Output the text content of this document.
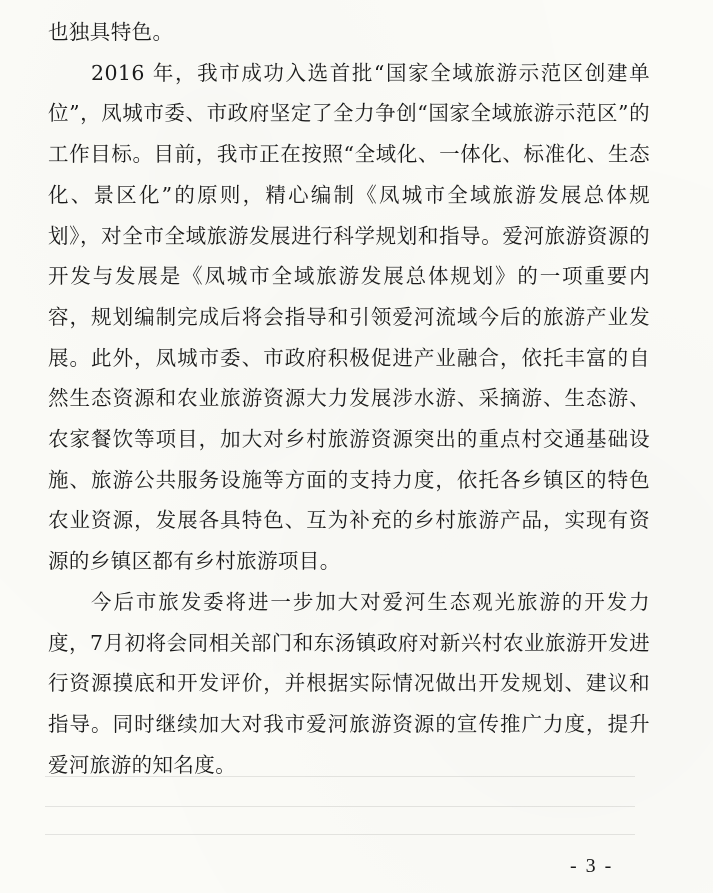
也独具特色。

2016 年，我市成功入选首批“国家全域旅游示范区创建单位”，凤城市委、市政府坚定了全力争创“国家全域旅游示范区”的工作目标。目前，我市正在按照“全域化、一体化、标准化、生态化、景区化”的原则，精心编制《凤城市全域旅游发展总体规划》，对全市全域旅游发展进行科学规划和指导。爱河旅游资源的开发与发展是《凤城市全域旅游发展总体规划》的一项重要内容，规划编制完成后将会指导和引领爱河流域今后的旅游产业发展。此外，凤城市委、市政府积极促进产业融合，依托丰富的自然生态资源和农业旅游资源大力发展涉水游、采摘游、生态游、农家餐饮等项目，加大对乡村旅游资源突出的重点村交通基础设施、旅游公共服务设施等方面的支持力度，依托各乡镇区的特色农业资源，发展各具特色、互为补充的乡村旅游产品，实现有资源的乡镇区都有乡村旅游项目。

今后市旅发委将进一步加大对爱河生态观光旅游的开发力度，7月初将会同相关部门和东汤镇政府对新兴村农业旅游开发进行资源摸底和开发评价，并根据实际情况做出开发规划、建议和指导。同时继续加大对我市爱河旅游资源的宣传推广力度，提升爱河旅游的知名度。

- 3 -
